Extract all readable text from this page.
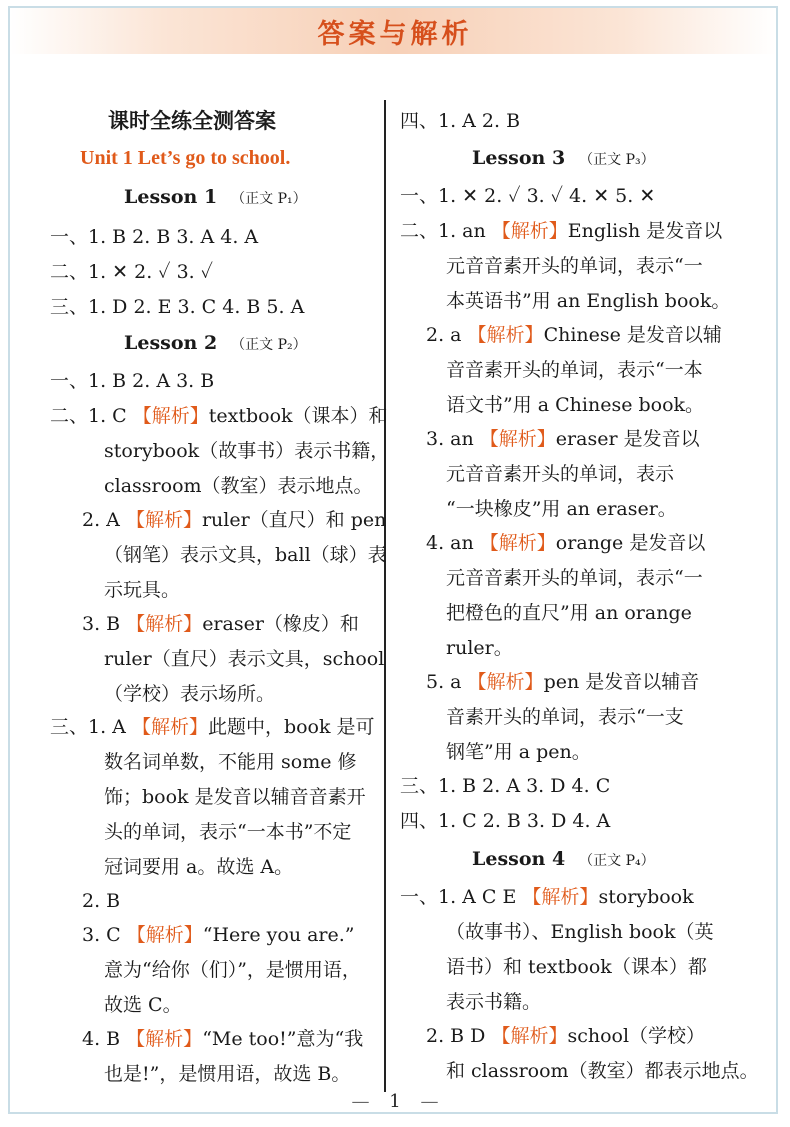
答案与解析
课时全练全测答案
Unit 1 Let’s go to school.
Lesson 1 （正文 P₁）
一、1. B 2. B 3. A 4. A
二、1. ✕ 2. ✓ 3. ✓
三、1. D 2. E 3. C 4. B 5. A
Lesson 2 （正文 P₂）
一、1. B 2. A 3. B
二、1. C 【解析】textbook（课本）和
storybook（故事书）表示书籍，
classroom（教室）表示地点。
2. A 【解析】ruler（直尺）和 pen
（钢笔）表示文具，ball（球）表
示玩具。
3. B 【解析】eraser（橡皮）和
ruler（直尺）表示文具，school
（学校）表示场所。
三、1. A 【解析】此题中，book 是可
数名词单数，不能用 some 修
饰；book 是发音以辅音音素开
头的单词，表示“一本书”不定
冠词要用 a。故选 A。
2. B
3. C 【解析】“Here you are.”
意为“给你（们）”，是惯用语，
故选 C。
4. B 【解析】“Me too!”意为“我
也是!”，是惯用语，故选 B。
四、1. A 2. B
Lesson 3 （正文 P₃）
一、1. ✕ 2. ✓ 3. ✓ 4. ✕ 5. ✕
二、1. an 【解析】English 是发音以
元音音素开头的单词，表示“一
本英语书”用 an English book。
2. a 【解析】Chinese 是发音以辅
音音素开头的单词，表示“一本
语文书”用 a Chinese book。
3. an 【解析】eraser 是发音以
元音音素开头的单词，表示
“一块橡皮”用 an eraser。
4. an 【解析】orange 是发音以
元音音素开头的单词，表示“一
把橙色的直尺”用 an orange
ruler。
5. a 【解析】pen 是发音以辅音
音素开头的单词，表示“一支
钢笔”用 a pen。
三、1. B 2. A 3. D 4. C
四、1. C 2. B 3. D 4. A
Lesson 4 （正文 P₄）
一、1. A C E 【解析】storybook
（故事书）、English book（英
语书）和 textbook（课本）都
表示书籍。
2. B D 【解析】school（学校）
和 classroom（教室）都表示地点。
— 1 —
